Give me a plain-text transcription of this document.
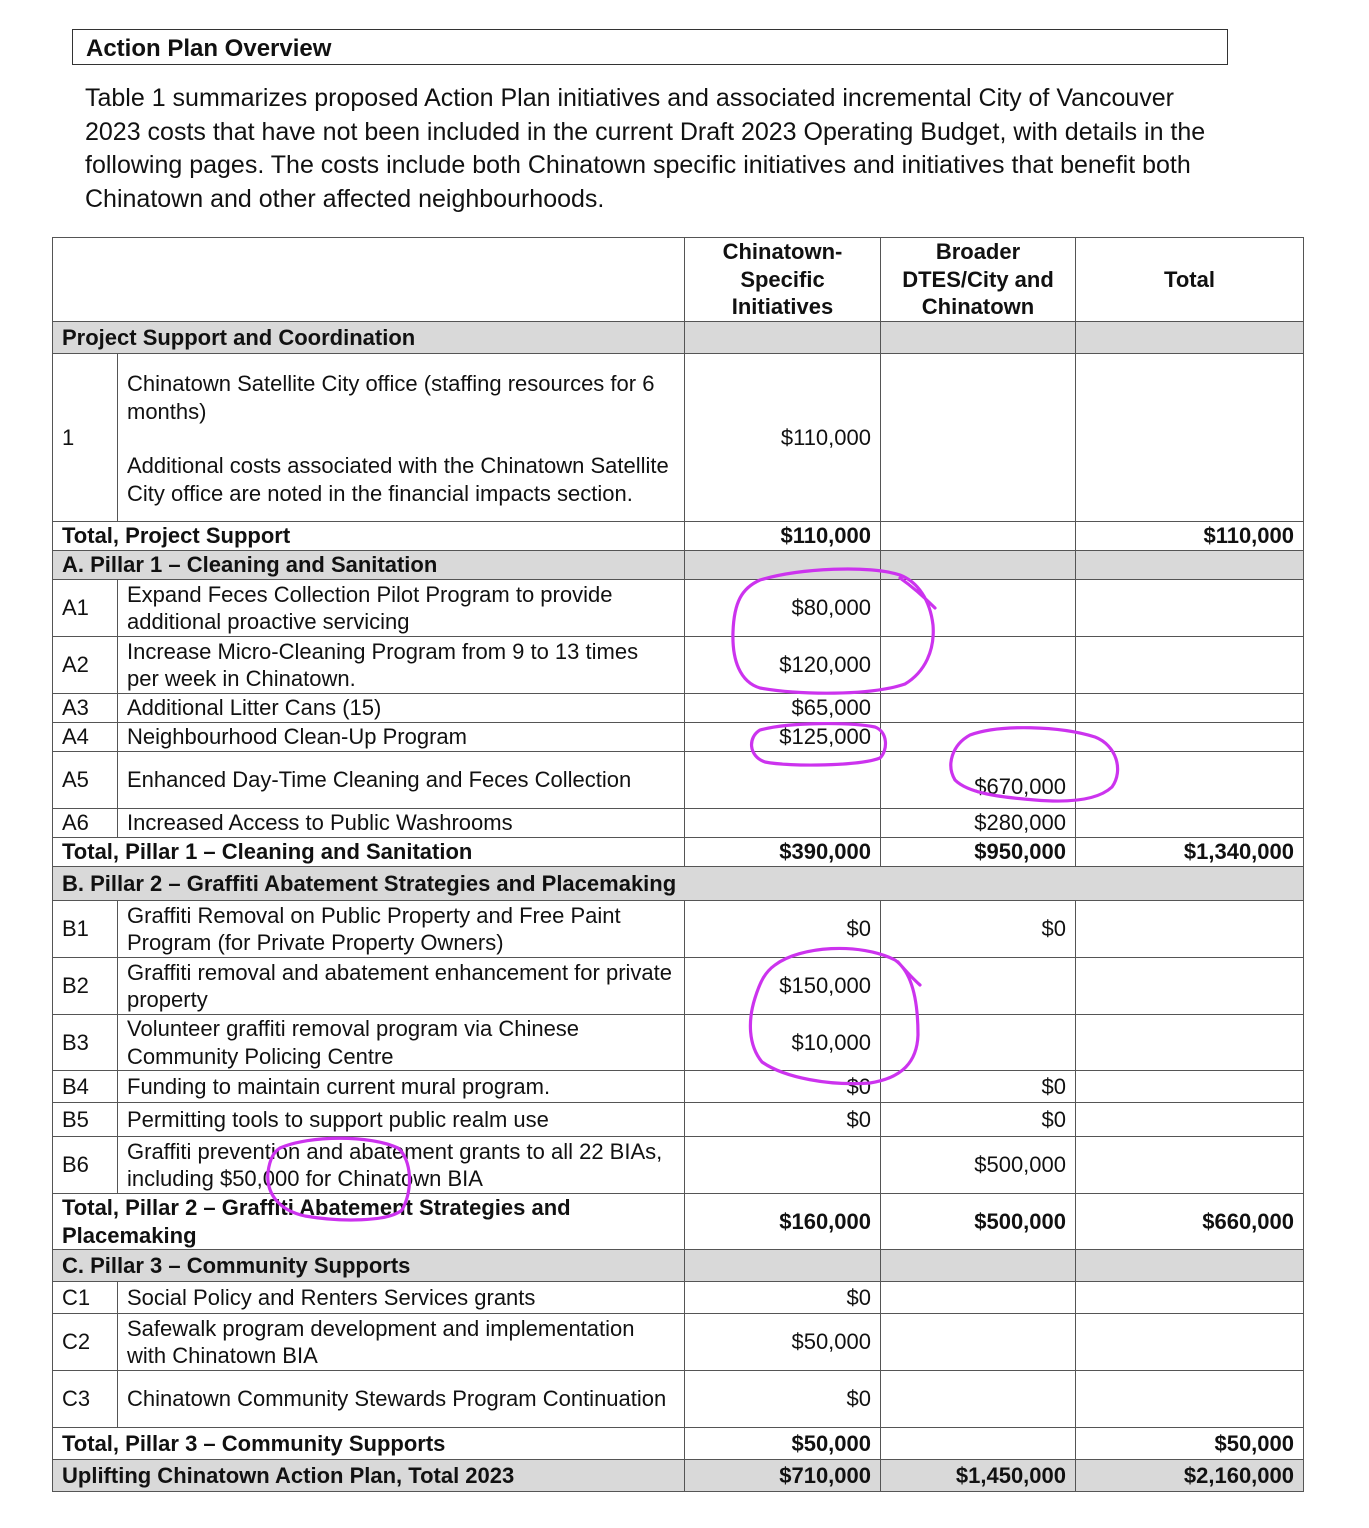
Action Plan Overview

Table 1 summarizes proposed Action Plan initiatives and associated incremental City of Vancouver 2023 costs that have not been included in the current Draft 2023 Operating Budget, with details in the following pages. The costs include both Chinatown specific initiatives and initiatives that benefit both Chinatown and other affected neighbourhoods.

		Chinatown-Specific Initiatives	Broader DTES/City and Chinatown	Total
Project Support and Coordination				
1	Chinatown Satellite City office (staffing resources for 6 months)
Additional costs associated with the Chinatown Satellite City office are noted in the financial impacts section.	$110,000		
Total, Project Support		$110,000		$110,000
A. Pillar 1 – Cleaning and Sanitation				
A1	Expand Feces Collection Pilot Program to provide additional proactive servicing	$80,000		
A2	Increase Micro-Cleaning Program from 9 to 13 times per week in Chinatown.	$120,000		
A3	Additional Litter Cans (15)	$65,000		
A4	Neighbourhood Clean-Up Program	$125,000		
A5	Enhanced Day-Time Cleaning and Feces Collection		$670,000	
A6	Increased Access to Public Washrooms		$280,000	
Total, Pillar 1 – Cleaning and Sanitation		$390,000	$950,000	$1,340,000
B. Pillar 2 – Graffiti Abatement Strategies and Placemaking				
B1	Graffiti Removal on Public Property and Free Paint Program (for Private Property Owners)	$0	$0	
B2	Graffiti removal and abatement enhancement for private property	$150,000		
B3	Volunteer graffiti removal program via Chinese Community Policing Centre	$10,000		
B4	Funding to maintain current mural program.	$0	$0	
B5	Permitting tools to support public realm use	$0	$0	
B6	Graffiti prevention and abatement grants to all 22 BIAs, including $50,000 for Chinatown BIA		$500,000	
Total, Pillar 2 – Graffiti Abatement Strategies and Placemaking		$160,000	$500,000	$660,000
C. Pillar 3 – Community Supports				
C1	Social Policy and Renters Services grants	$0		
C2	Safewalk program development and implementation with Chinatown BIA	$50,000		
C3	Chinatown Community Stewards Program Continuation	$0		
Total, Pillar 3 – Community Supports		$50,000		$50,000
Uplifting Chinatown Action Plan, Total 2023		$710,000	$1,450,000	$2,160,000
